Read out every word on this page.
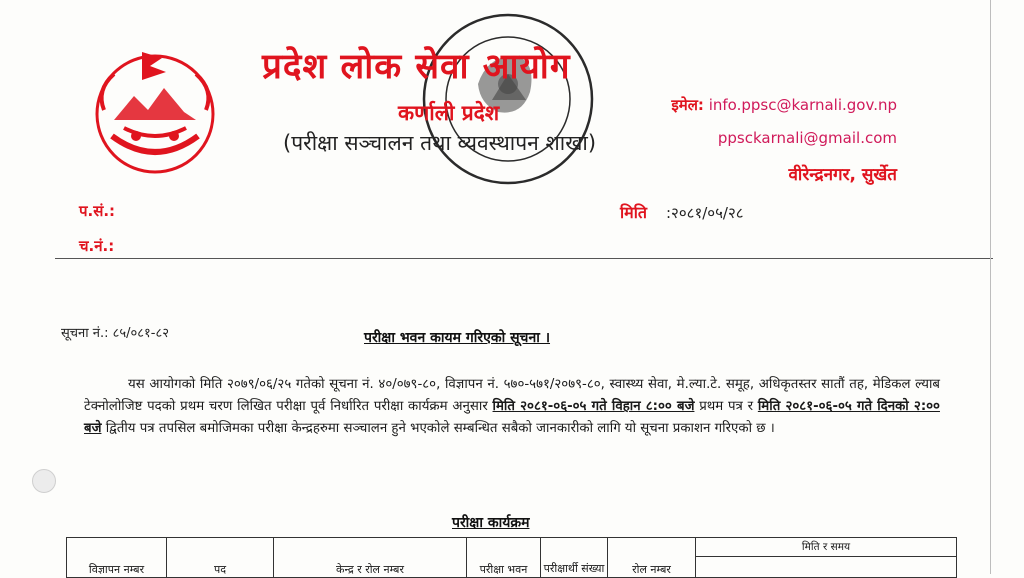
प्रदेश लोक सेवा आयोग
कर्णाली प्रदेश
(परीक्षा सञ्चालन तथा व्यवस्थापन शाखा)
इमेल: info.ppsc@karnali.gov.np
ppsckarnali@gmail.com
वीरेन्द्रनगर, सुर्खेत
प.सं.:
च.नं.:
मिति :२०८१/०५/२८
सूचना नं.: ८५/०८१-८२	परीक्षा भवन कायम गरिएको सूचना ।
यस आयोगको मिति २०७९/०६/२५ गतेको सूचना नं. ४०/०७९-८०, विज्ञापन नं. ५७०-५७१/२०७९-८०, स्वास्थ्य सेवा, मे.ल्या.टे. समूह, अधिकृतस्तर सातौं तह, मेडिकल ल्याब टेक्नोलोजिष्ट पदको प्रथम चरण लिखित परीक्षा पूर्व निर्धारित परीक्षा कार्यक्रम अनुसार मिति २०८१-०६-०५ गते विहान ८:०० बजे प्रथम पत्र र मिति २०८१-०६-०५ गते दिनको २:०० बजे द्वितीय पत्र तपसिल बमोजिमका परीक्षा केन्द्रहरुमा सञ्चालन हुने भएकोले सम्बन्धित सबैको जानकारीको लागि यो सूचना प्रकाशन गरिएको छ ।
परीक्षा कार्यक्रम
विज्ञापन नम्बर	पद	केन्द्र र रोल नम्बर	परीक्षा भवन	परीक्षार्थी संख्या	रोल नम्बर	मिति र समय
